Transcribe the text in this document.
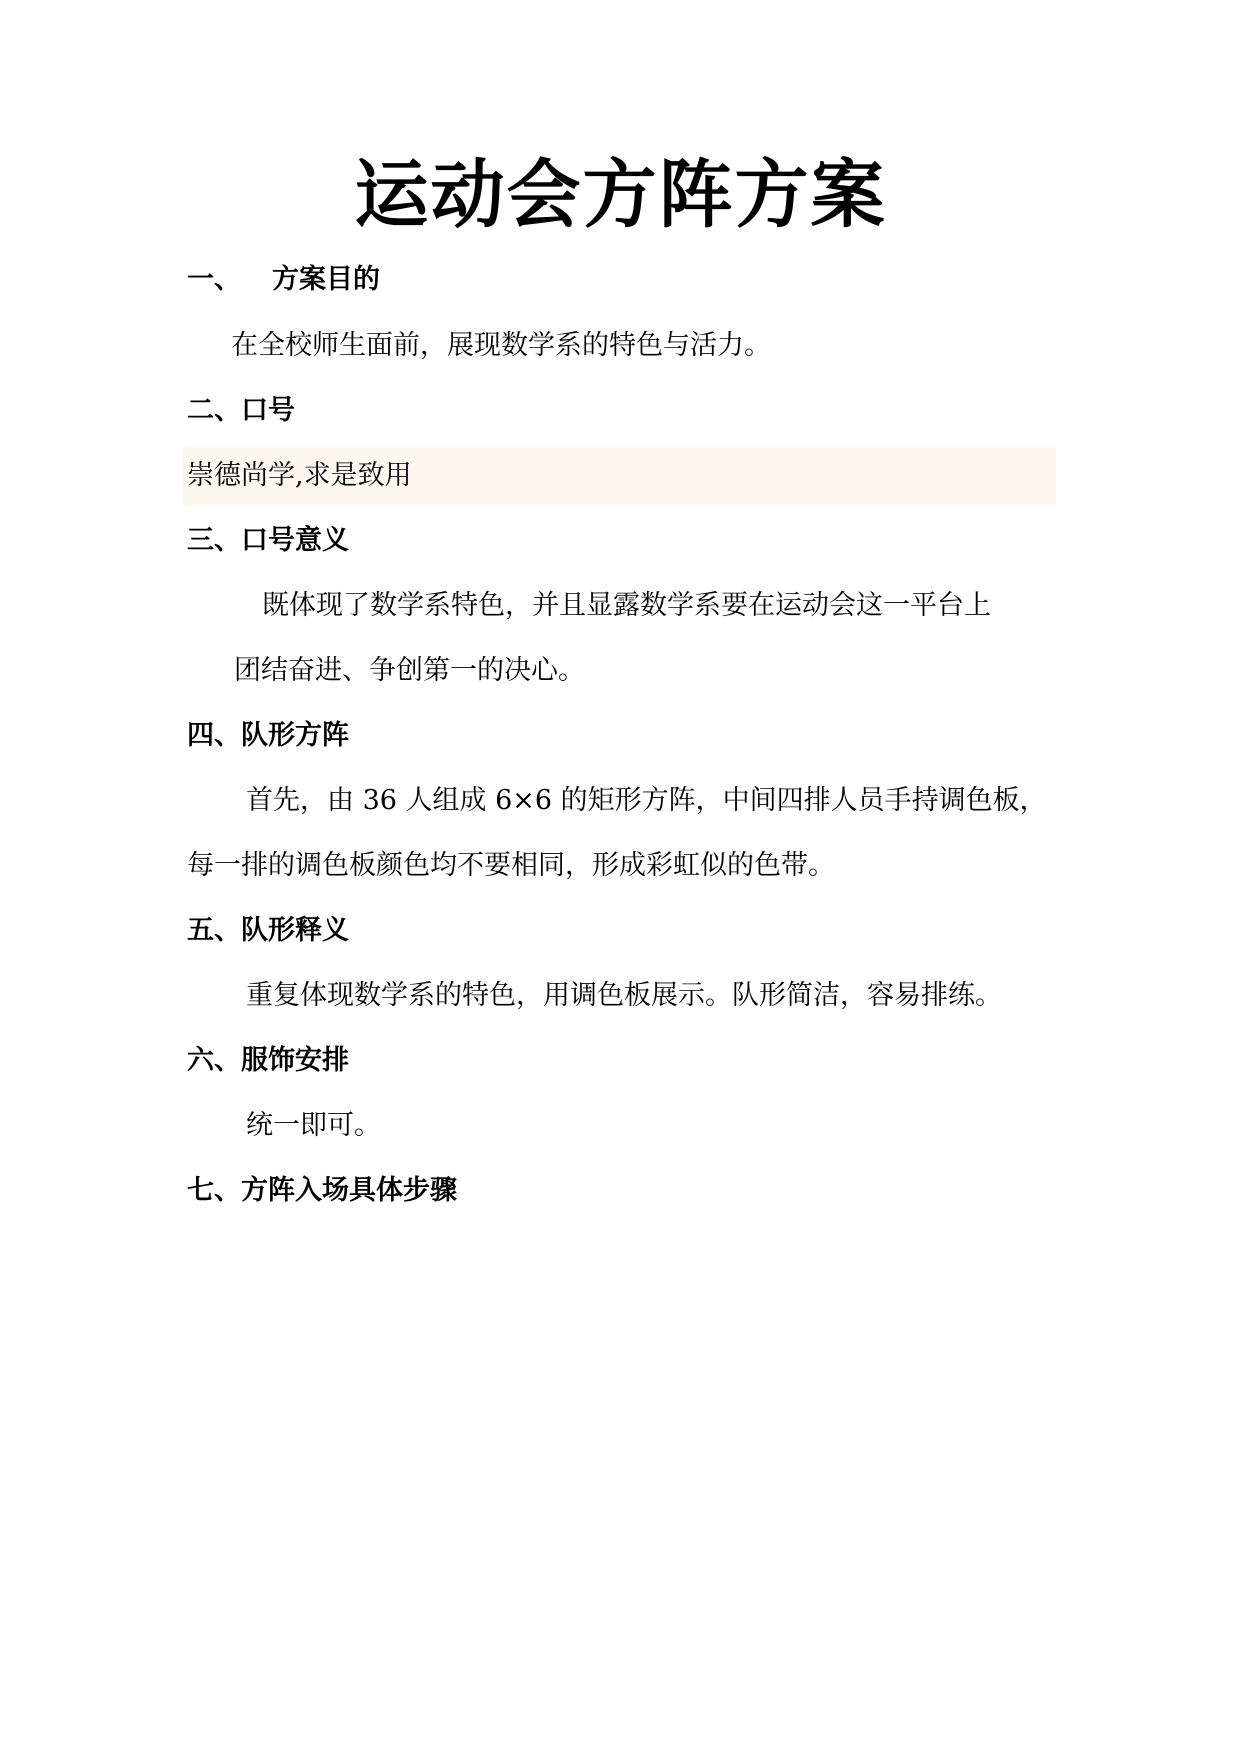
运动会方阵方案
一、 方案目的

在全校师生面前，展现数学系的特色与活力。

二、口号

崇德尚学,求是致用

三、口号意义

既体现了数学系特色，并且显露数学系要在运动会这一平台上

团结奋进、争创第一的决心。

四、队形方阵

首先，由 36 人组成 6×6 的矩形方阵，中间四排人员手持调色板，

每一排的调色板颜色均不要相同，形成彩虹似的色带。

五、队形释义

重复体现数学系的特色，用调色板展示。队形简洁，容易排练。

六、服饰安排

统一即可。

七、方阵入场具体步骤
